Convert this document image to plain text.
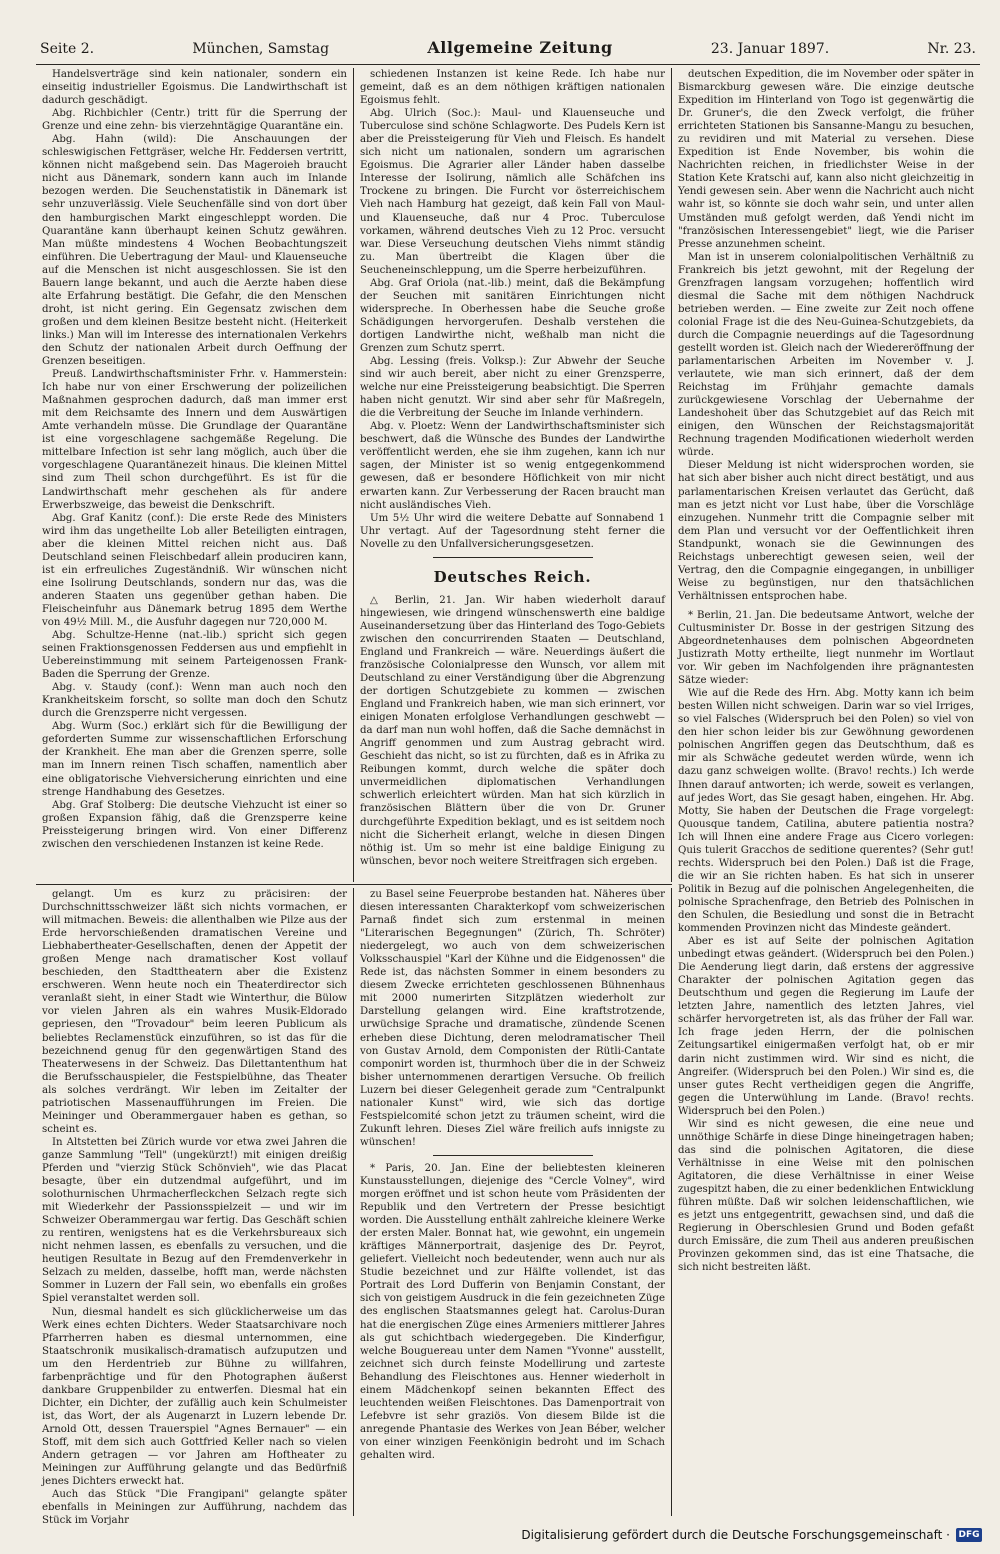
Seite 2.	München, Samstag	Allgemeine Zeitung	23. Januar 1897.	Nr. 23.

Handelsverträge sind kein nationaler, sondern ein einseitig industrieller Egoismus. Die Landwirthschaft ist dadurch geschädigt.

Abg. Richbichler (Centr.) tritt für die Sperrung der Grenze und eine zehn- bis vierzehntägige Quarantäne ein.

Abg. Hahn (wild): Die Anschauungen der schleswigischen Fettgräser, welche Hr. Feddersen vertritt, können nicht maßgebend sein. Das Mageroieh braucht nicht aus Dänemark, sondern kann auch im Inlande bezogen werden. Die Seuchenstatistik in Dänemark ist sehr unzuverlässig. Viele Seuchenfälle sind von dort über den hamburgischen Markt eingeschleppt worden. Die Quarantäne kann überhaupt keinen Schutz gewähren. Man müßte mindestens 4 Wochen Beobachtungszeit einführen. Die Uebertragung der Maul- und Klauenseuche auf die Menschen ist nicht ausgeschlossen. Sie ist den Bauern lange bekannt, und auch die Aerzte haben diese alte Erfahrung bestätigt. Die Gefahr, die den Menschen droht, ist nicht gering. Ein Gegensatz zwischen dem großen und dem kleinen Besitze besteht nicht. (Heiterkeit links.) Man will im Interesse des internationalen Verkehrs den Schutz der nationalen Arbeit durch Oeffnung der Grenzen beseitigen.

Preuß. Landwirthschaftsminister Frhr. v. Hammerstein: Ich habe nur von einer Erschwerung der polizeilichen Maßnahmen gesprochen dadurch, daß man immer erst mit dem Reichsamte des Innern und dem Auswärtigen Amte verhandeln müsse. Die Grundlage der Quarantäne ist eine vorgeschlagene sachgemäße Regelung. Die mittelbare Infection ist sehr lang möglich, auch über die vorgeschlagene Quarantänezeit hinaus. Die kleinen Mittel sind zum Theil schon durchgeführt. Es ist für die Landwirthschaft mehr geschehen als für andere Erwerbszweige, das beweist die Denkschrift.

Abg. Graf Kanitz (conf.): Die erste Rede des Ministers wird ihm das ungetheilte Lob aller Beteiligten eintragen, aber die kleinen Mittel reichen nicht aus. Daß Deutschland seinen Fleischbedarf allein produciren kann, ist ein erfreuliches Zugeständniß. Wir wünschen nicht eine Isolirung Deutschlands, sondern nur das, was die anderen Staaten uns gegenüber gethan haben. Die Fleischeinfuhr aus Dänemark betrug 1895 dem Werthe von 49½ Mill. M., die Ausfuhr dagegen nur 720,000 M.

Abg. Schultze-Henne (nat.-lib.) spricht sich gegen seinen Fraktionsgenossen Feddersen aus und empfiehlt in Uebereinstimmung mit seinem Parteigenossen Frank-Baden die Sperrung der Grenze.

Abg. v. Staudy (conf.): Wenn man auch noch den Krankheitskeim forscht, so sollte man doch den Schutz durch die Grenzsperre nicht vergessen.

Abg. Wurm (Soc.) erklärt sich für die Bewilligung der geforderten Summe zur wissenschaftlichen Erforschung der Krankheit. Ehe man aber die Grenzen sperre, solle man im Innern reinen Tisch schaffen, namentlich aber eine obligatorische Viehversicherung einrichten und eine strenge Handhabung des Gesetzes.

Abg. Graf Stolberg: Die deutsche Viehzucht ist einer so großen Expansion fähig, daß die Grenzsperre keine Preissteigerung bringen wird. Von einer Differenz zwischen den verschiedenen Instanzen ist keine Rede.

schiedenen Instanzen ist keine Rede. Ich habe nur gemeint, daß es an dem nöthigen kräftigen nationalen Egoismus fehlt.

Abg. Ulrich (Soc.): Maul- und Klauenseuche und Tuberculose sind schöne Schlagworte. Des Pudels Kern ist aber die Preissteigerung für Vieh und Fleisch. Es handelt sich nicht um nationalen, sondern um agrarischen Egoismus. Die Agrarier aller Länder haben dasselbe Interesse der Isolirung, nämlich alle Schäfchen ins Trockene zu bringen. Die Furcht vor österreichischem Vieh nach Hamburg hat gezeigt, daß kein Fall von Maul- und Klauenseuche, daß nur 4 Proc. Tuberculose vorkamen, während deutsches Vieh zu 12 Proc. versucht war. Diese Verseuchung deutschen Viehs nimmt ständig zu. Man übertreibt die Klagen über die Seucheneinschleppung, um die Sperre herbeizuführen.

Abg. Graf Oriola (nat.-lib.) meint, daß die Bekämpfung der Seuchen mit sanitären Einrichtungen nicht widerspreche. In Oberhessen habe die Seuche große Schädigungen hervorgerufen. Deshalb verstehen die dortigen Landwirthe nicht, weßhalb man nicht die Grenzen zum Schutz sperrt.

Abg. Lessing (freis. Volksp.): Zur Abwehr der Seuche sind wir auch bereit, aber nicht zu einer Grenzsperre, welche nur eine Preissteigerung beabsichtigt. Die Sperren haben nicht genutzt. Wir sind aber sehr für Maßregeln, die die Verbreitung der Seuche im Inlande verhindern.

Abg. v. Ploetz: Wenn der Landwirthschaftsminister sich beschwert, daß die Wünsche des Bundes der Landwirthe veröffentlicht werden, ehe sie ihm zugehen, kann ich nur sagen, der Minister ist so wenig entgegenkommend gewesen, daß er besondere Höflichkeit von mir nicht erwarten kann. Zur Verbesserung der Racen braucht man nicht ausländisches Vieh.

Um 5½ Uhr wird die weitere Debatte auf Sonnabend 1 Uhr vertagt. Auf der Tagesordnung steht ferner die Novelle zu den Unfallversicherungsgesetzen.

Deutsches Reich.

△ Berlin, 21. Jan. Wir haben wiederholt darauf hingewiesen, wie dringend wünschenswerth eine baldige Auseinandersetzung über das Hinterland des Togo-Gebiets zwischen den concurrirenden Staaten — Deutschland, England und Frankreich — wäre. Neuerdings äußert die französische Colonialpresse den Wunsch, vor allem mit Deutschland zu einer Verständigung über die Abgrenzung der dortigen Schutzgebiete zu kommen — zwischen England und Frankreich haben, wie man sich erinnert, vor einigen Monaten erfolglose Verhandlungen geschwebt — da darf man nun wohl hoffen, daß die Sache demnächst in Angriff genommen und zum Austrag gebracht wird. Geschieht das nicht, so ist zu fürchten, daß es in Afrika zu Reibungen kommt, durch welche die später doch unvermeidlichen diplomatischen Verhandlungen schwerlich erleichtert würden. Man hat sich kürzlich in französischen Blättern über die von Dr. Gruner durchgeführte Expedition beklagt, und es ist seitdem noch nicht die Sicherheit erlangt, welche in diesen Dingen nöthig ist. Um so mehr ist eine baldige Einigung zu wünschen, bevor noch weitere Streitfragen sich ergeben.

deutschen Expedition, die im November oder später in Bismarckburg gewesen wäre. Die einzige deutsche Expedition im Hinterland von Togo ist gegenwärtig die Dr. Gruner's, die den Zweck verfolgt, die früher errichteten Stationen bis Sansanne-Mangu zu besuchen, zu revidiren und mit Material zu versehen. Diese Expedition ist Ende November, bis wohin die Nachrichten reichen, in friedlichster Weise in der Station Kete Kratschi auf, kann also nicht gleichzeitig in Yendi gewesen sein. Aber wenn die Nachricht auch nicht wahr ist, so könnte sie doch wahr sein, und unter allen Umständen muß gefolgt werden, daß Yendi nicht im "französischen Interessengebiet" liegt, wie die Pariser Presse anzunehmen scheint.

Man ist in unserem colonialpolitischen Verhältniß zu Frankreich bis jetzt gewohnt, mit der Regelung der Grenzfragen langsam vorzugehen; hoffentlich wird diesmal die Sache mit dem nöthigen Nachdruck betrieben werden. — Eine zweite zur Zeit noch offene colonial Frage ist die des Neu-Guinea-Schutzgebiets, da durch die Compagnie neuerdings auf die Tagesordnung gestellt worden ist. Gleich nach der Wiedereröffnung der parlamentarischen Arbeiten im November v. J. verlautete, wie man sich erinnert, daß der dem Reichstag im Frühjahr gemachte damals zurückgewiesene Vorschlag der Uebernahme der Landeshoheit über das Schutzgebiet auf das Reich mit einigen, den Wünschen der Reichstagsmajorität Rechnung tragenden Modificationen wiederholt werden würde.

Dieser Meldung ist nicht widersprochen worden, sie hat sich aber bisher auch nicht direct bestätigt, und aus parlamentarischen Kreisen verlautet das Gerücht, daß man es jetzt nicht vor Lust habe, über die Vorschläge einzugehen. Nunmehr tritt die Compagnie selber mit dem Plan und versucht vor der Oeffentlichkeit ihren Standpunkt, wonach sie die Gewinnungen des Reichstags unberechtigt gewesen seien, weil der Vertrag, den die Compagnie eingegangen, in unbilliger Weise zu begünstigen, nur den thatsächlichen Verhältnissen entsprochen habe.

* Berlin, 21. Jan. Die bedeutsame Antwort, welche der Cultusminister Dr. Bosse in der gestrigen Sitzung des Abgeordnetenhauses dem polnischen Abgeordneten Justizrath Motty ertheilte, liegt nunmehr im Wortlaut vor. Wir geben im Nachfolgenden ihre prägnantesten Sätze wieder:

Wie auf die Rede des Hrn. Abg. Motty kann ich beim besten Willen nicht schweigen. Darin war so viel Irriges, so viel Falsches (Widerspruch bei den Polen) so viel von den hier schon leider bis zur Gewöhnung gewordenen polnischen Angriffen gegen das Deutschthum, daß es mir als Schwäche gedeutet werden würde, wenn ich dazu ganz schweigen wollte. (Bravo! rechts.) Ich werde Ihnen darauf antworten; ich werde, soweit es verlangen, auf jedes Wort, das Sie gesagt haben, eingehen. Hr. Abg. Motty, Sie haben der Deutschen die Frage vorgelegt: Quousque tandem, Catilina, abutere patientia nostra? Ich will Ihnen eine andere Frage aus Cicero vorlegen: Quis tulerit Gracchos de seditione querentes? (Sehr gut! rechts. Widerspruch bei den Polen.) Daß ist die Frage, die wir an Sie richten haben. Es hat sich in unserer Politik in Bezug auf die polnischen Angelegenheiten, die polnische Sprachenfrage, den Betrieb des Polnischen in den Schulen, die Besiedlung und sonst die in Betracht kommenden Provinzen nicht das Mindeste geändert.

Aber es ist auf Seite der polnischen Agitation unbedingt etwas geändert. (Widerspruch bei den Polen.) Die Aenderung liegt darin, daß erstens der aggressive Charakter der polnischen Agitation gegen das Deutschthum und gegen die Regierung im Laufe der letzten Jahre, namentlich des letzten Jahres, viel schärfer hervorgetreten ist, als das früher der Fall war. Ich frage jeden Herrn, der die polnischen Zeitungsartikel einigermaßen verfolgt hat, ob er mir darin nicht zustimmen wird. Wir sind es nicht, die Angreifer. (Widerspruch bei den Polen.) Wir sind es, die unser gutes Recht vertheidigen gegen die Angriffe, gegen die Unterwühlung im Lande. (Bravo! rechts. Widerspruch bei den Polen.)

Wir sind es nicht gewesen, die eine neue und unnöthige Schärfe in diese Dinge hineingetragen haben; das sind die polnischen Agitatoren, die diese Verhältnisse in eine Weise mit den polnischen Agitatoren, die diese Verhältnisse in einer Weise zugespitzt haben, die zu einer bedenklichen Entwicklung führen müßte. Daß wir solchen leidenschaftlichen, wie es jetzt uns entgegentritt, gewachsen sind, und daß die Regierung in Oberschlesien Grund und Boden gefaßt durch Emissäre, die zum Theil aus anderen preußischen Provinzen gekommen sind, das ist eine Thatsache, die sich nicht bestreiten läßt.

gelangt. Um es kurz zu präcisiren: der Durchschnittsschweizer läßt sich nichts vormachen, er will mitmachen. Beweis: die allenthalben wie Pilze aus der Erde hervorschießenden dramatischen Vereine und Liebhabertheater-Gesellschaften, denen der Appetit der großen Menge nach dramatischer Kost vollauf beschieden, den Stadttheatern aber die Existenz erschweren. Wenn heute noch ein Theaterdirector sich veranlaßt sieht, in einer Stadt wie Winterthur, die Bülow vor vielen Jahren als ein wahres Musik-Eldorado gepriesen, den "Trovadour" beim leeren Publicum als beliebtes Reclamenstück einzuführen, so ist das für die bezeichnend genug für den gegenwärtigen Stand des Theaterwesens in der Schweiz. Das Dilettantenthum hat die Berufsschauspieler, die Festspielbühne, das Theater als solches verdrängt. Wir leben im Zeitalter der patriotischen Massenaufführungen im Freien. Die Meininger und Oberammergauer haben es gethan, so scheint es.

In Altstetten bei Zürich wurde vor etwa zwei Jahren die ganze Sammlung "Tell" (ungekürzt!) mit einigen dreißig Pferden und "vierzig Stück Schönvieh", wie das Placat besagte, über ein dutzendmal aufgeführt, und im solothurnischen Uhrmacherfleckchen Selzach regte sich mit Wiederkehr der Passionsspielzeit — und wir im Schweizer Oberammergau war fertig. Das Geschäft schien zu rentiren, wenigstens hat es die Verkehrsbureaux sich nicht nehmen lassen, es ebenfalls zu versuchen, und die heutigen Resultate in Bezug auf den Fremdenverkehr in Selzach zu melden, dasselbe, hofft man, werde nächsten Sommer in Luzern der Fall sein, wo ebenfalls ein großes Spiel veranstaltet werden soll.

Nun, diesmal handelt es sich glücklicherweise um das Werk eines echten Dichters. Weder Staatsarchivare noch Pfarrherren haben es diesmal unternommen, eine Staatschronik musikalisch-dramatisch aufzuputzen und um den Herdentrieb zur Bühne zu willfahren, farbenprächtige und für den Photographen äußerst dankbare Gruppenbilder zu entwerfen. Diesmal hat ein Dichter, ein Dichter, der zufällig auch kein Schulmeister ist, das Wort, der als Augenarzt in Luzern lebende Dr. Arnold Ott, dessen Trauerspiel "Agnes Bernauer" — ein Stoff, mit dem sich auch Gottfried Keller nach so vielen Andern getragen — vor Jahren am Hoftheater zu Meiningen zur Aufführung gelangte und das Bedürfniß jenes Dichters erweckt hat.

Auch das Stück "Die Frangipani" gelangte später ebenfalls in Meiningen zur Aufführung, nachdem das Stück im Vorjahr

zu Basel seine Feuerprobe bestanden hat. Näheres über diesen interessanten Charakterkopf vom schweizerischen Parnaß findet sich zum erstenmal in meinen "Literarischen Begegnungen" (Zürich, Th. Schröter) niedergelegt, wo auch von dem schweizerischen Volksschauspiel "Karl der Kühne und die Eidgenossen" die Rede ist, das nächsten Sommer in einem besonders zu diesem Zwecke errichteten geschlossenen Bühnenhaus mit 2000 numerirten Sitzplätzen wiederholt zur Darstellung gelangen wird. Eine kraftstrotzende, urwüchsige Sprache und dramatische, zündende Scenen erheben diese Dichtung, deren melodramatischer Theil von Gustav Arnold, dem Componisten der Rütli-Cantate componirt worden ist, thurmhoch über die in der Schweiz bisher unternommenen derartigen Versuche. Ob freilich Luzern bei dieser Gelegenheit gerade zum "Centralpunkt nationaler Kunst" wird, wie sich das dortige Festspielcomité schon jetzt zu träumen scheint, wird die Zukunft lehren. Dieses Ziel wäre freilich aufs innigste zu wünschen!

* Paris, 20. Jan. Eine der beliebtesten kleineren Kunstausstellungen, diejenige des "Cercle Volney", wird morgen eröffnet und ist schon heute vom Präsidenten der Republik und den Vertretern der Presse besichtigt worden. Die Ausstellung enthält zahlreiche kleinere Werke der ersten Maler. Bonnat hat, wie gewohnt, ein ungemein kräftiges Männerportrait, dasjenige des Dr. Peyrot, geliefert. Vielleicht noch bedeutender, wenn auch nur als Studie bezeichnet und zur Hälfte vollendet, ist das Portrait des Lord Dufferin von Benjamin Constant, der sich von geistigem Ausdruck in die fein gezeichneten Züge des englischen Staatsmannes gelegt hat. Carolus-Duran hat die energischen Züge eines Armeniers mittlerer Jahres als gut schichtbach wiedergegeben. Die Kinderfigur, welche Bouguereau unter dem Namen "Yvonne" ausstellt, zeichnet sich durch feinste Modellirung und zarteste Behandlung des Fleischtones aus. Henner wiederholt in einem Mädchenkopf seinen bekannten Effect des leuchtenden weißen Fleischtones. Das Damenportrait von Lefebvre ist sehr graziös. Von diesem Bilde ist die anregende Phantasie des Werkes von Jean Béber, welcher von einer winzigen Feenkönigin bedroht und im Schach gehalten wird.

Digitalisierung gefördert durch die Deutsche Forschungsgemeinschaft · DFG
